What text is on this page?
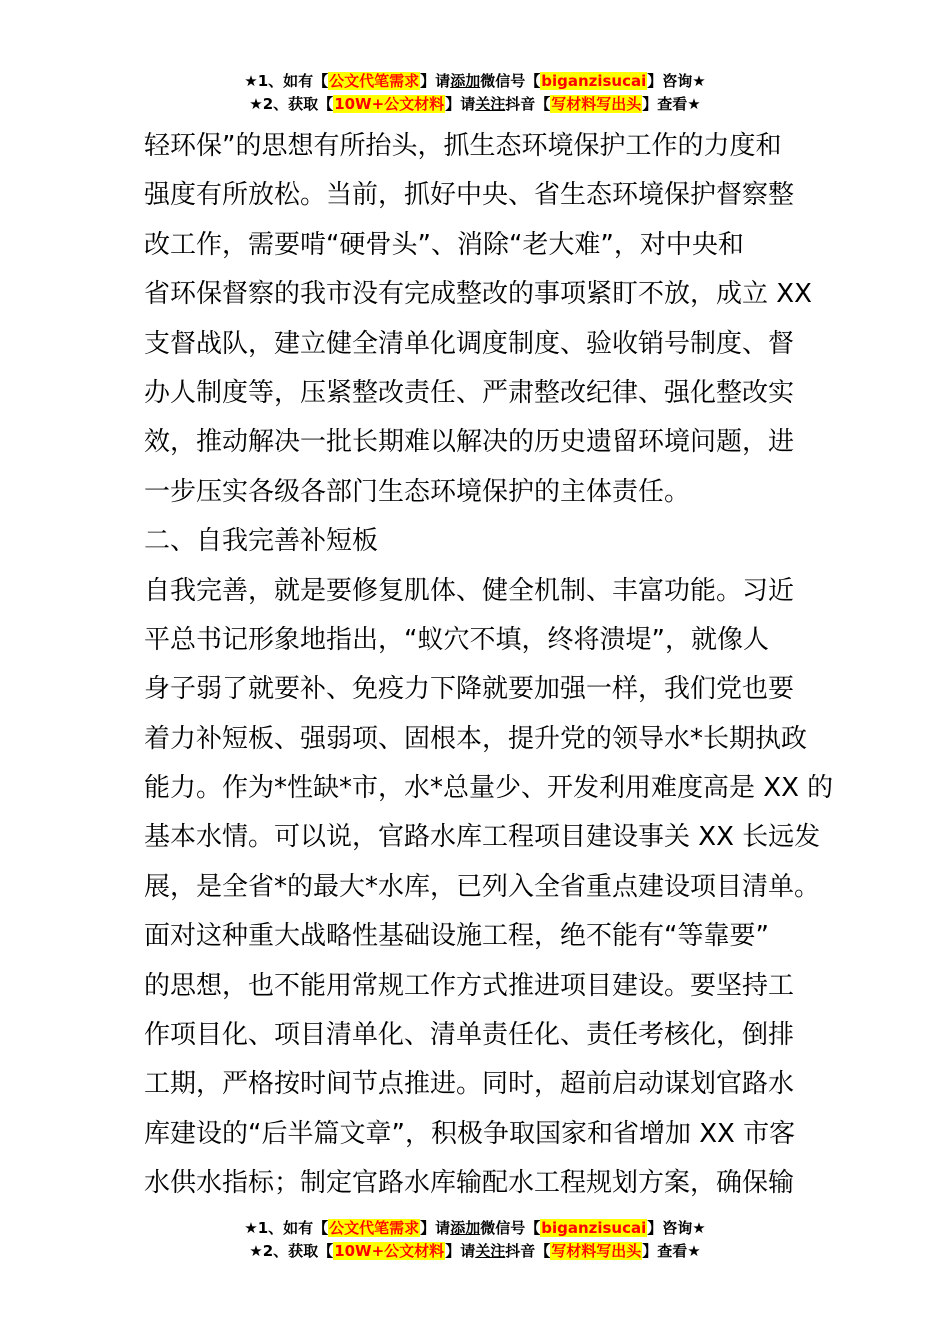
★1、如有【公文代笔需求】请添加微信号【biganzisucai】咨询★
★2、获取【10W+公文材料】请关注抖音【写材料写出头】查看★
轻环保”的思想有所抬头，抓生态环境保护工作的力度和
强度有所放松。当前，抓好中央、省生态环境保护督察整
改工作，需要啃“硬骨头”、消除“老大难”，对中央和
省环保督察的我市没有完成整改的事项紧盯不放，成立 XX
支督战队，建立健全清单化调度制度、验收销号制度、督
办人制度等，压紧整改责任、严肃整改纪律、强化整改实
效，推动解决一批长期难以解决的历史遗留环境问题，进
一步压实各级各部门生态环境保护的主体责任。
二、自我完善补短板
自我完善，就是要修复肌体、健全机制、丰富功能。习近
平总书记形象地指出，“蚁穴不填，终将溃堤”，就像人
身子弱了就要补、免疫力下降就要加强一样，我们党也要
着力补短板、强弱项、固根本，提升党的领导水*长期执政
能力。作为*性缺*市，水*总量少、开发利用难度高是 XX 的
基本水情。可以说，官路水库工程项目建设事关 XX 长远发
展，是全省*的最大*水库，已列入全省重点建设项目清单。
面对这种重大战略性基础设施工程，绝不能有“等靠要”
的思想，也不能用常规工作方式推进项目建设。要坚持工
作项目化、项目清单化、清单责任化、责任考核化，倒排
工期，严格按时间节点推进。同时，超前启动谋划官路水
库建设的“后半篇文章”，积极争取国家和省增加 XX 市客
水供水指标；制定官路水库输配水工程规划方案，确保输
★1、如有【公文代笔需求】请添加微信号【biganzisucai】咨询★
★2、获取【10W+公文材料】请关注抖音【写材料写出头】查看★
